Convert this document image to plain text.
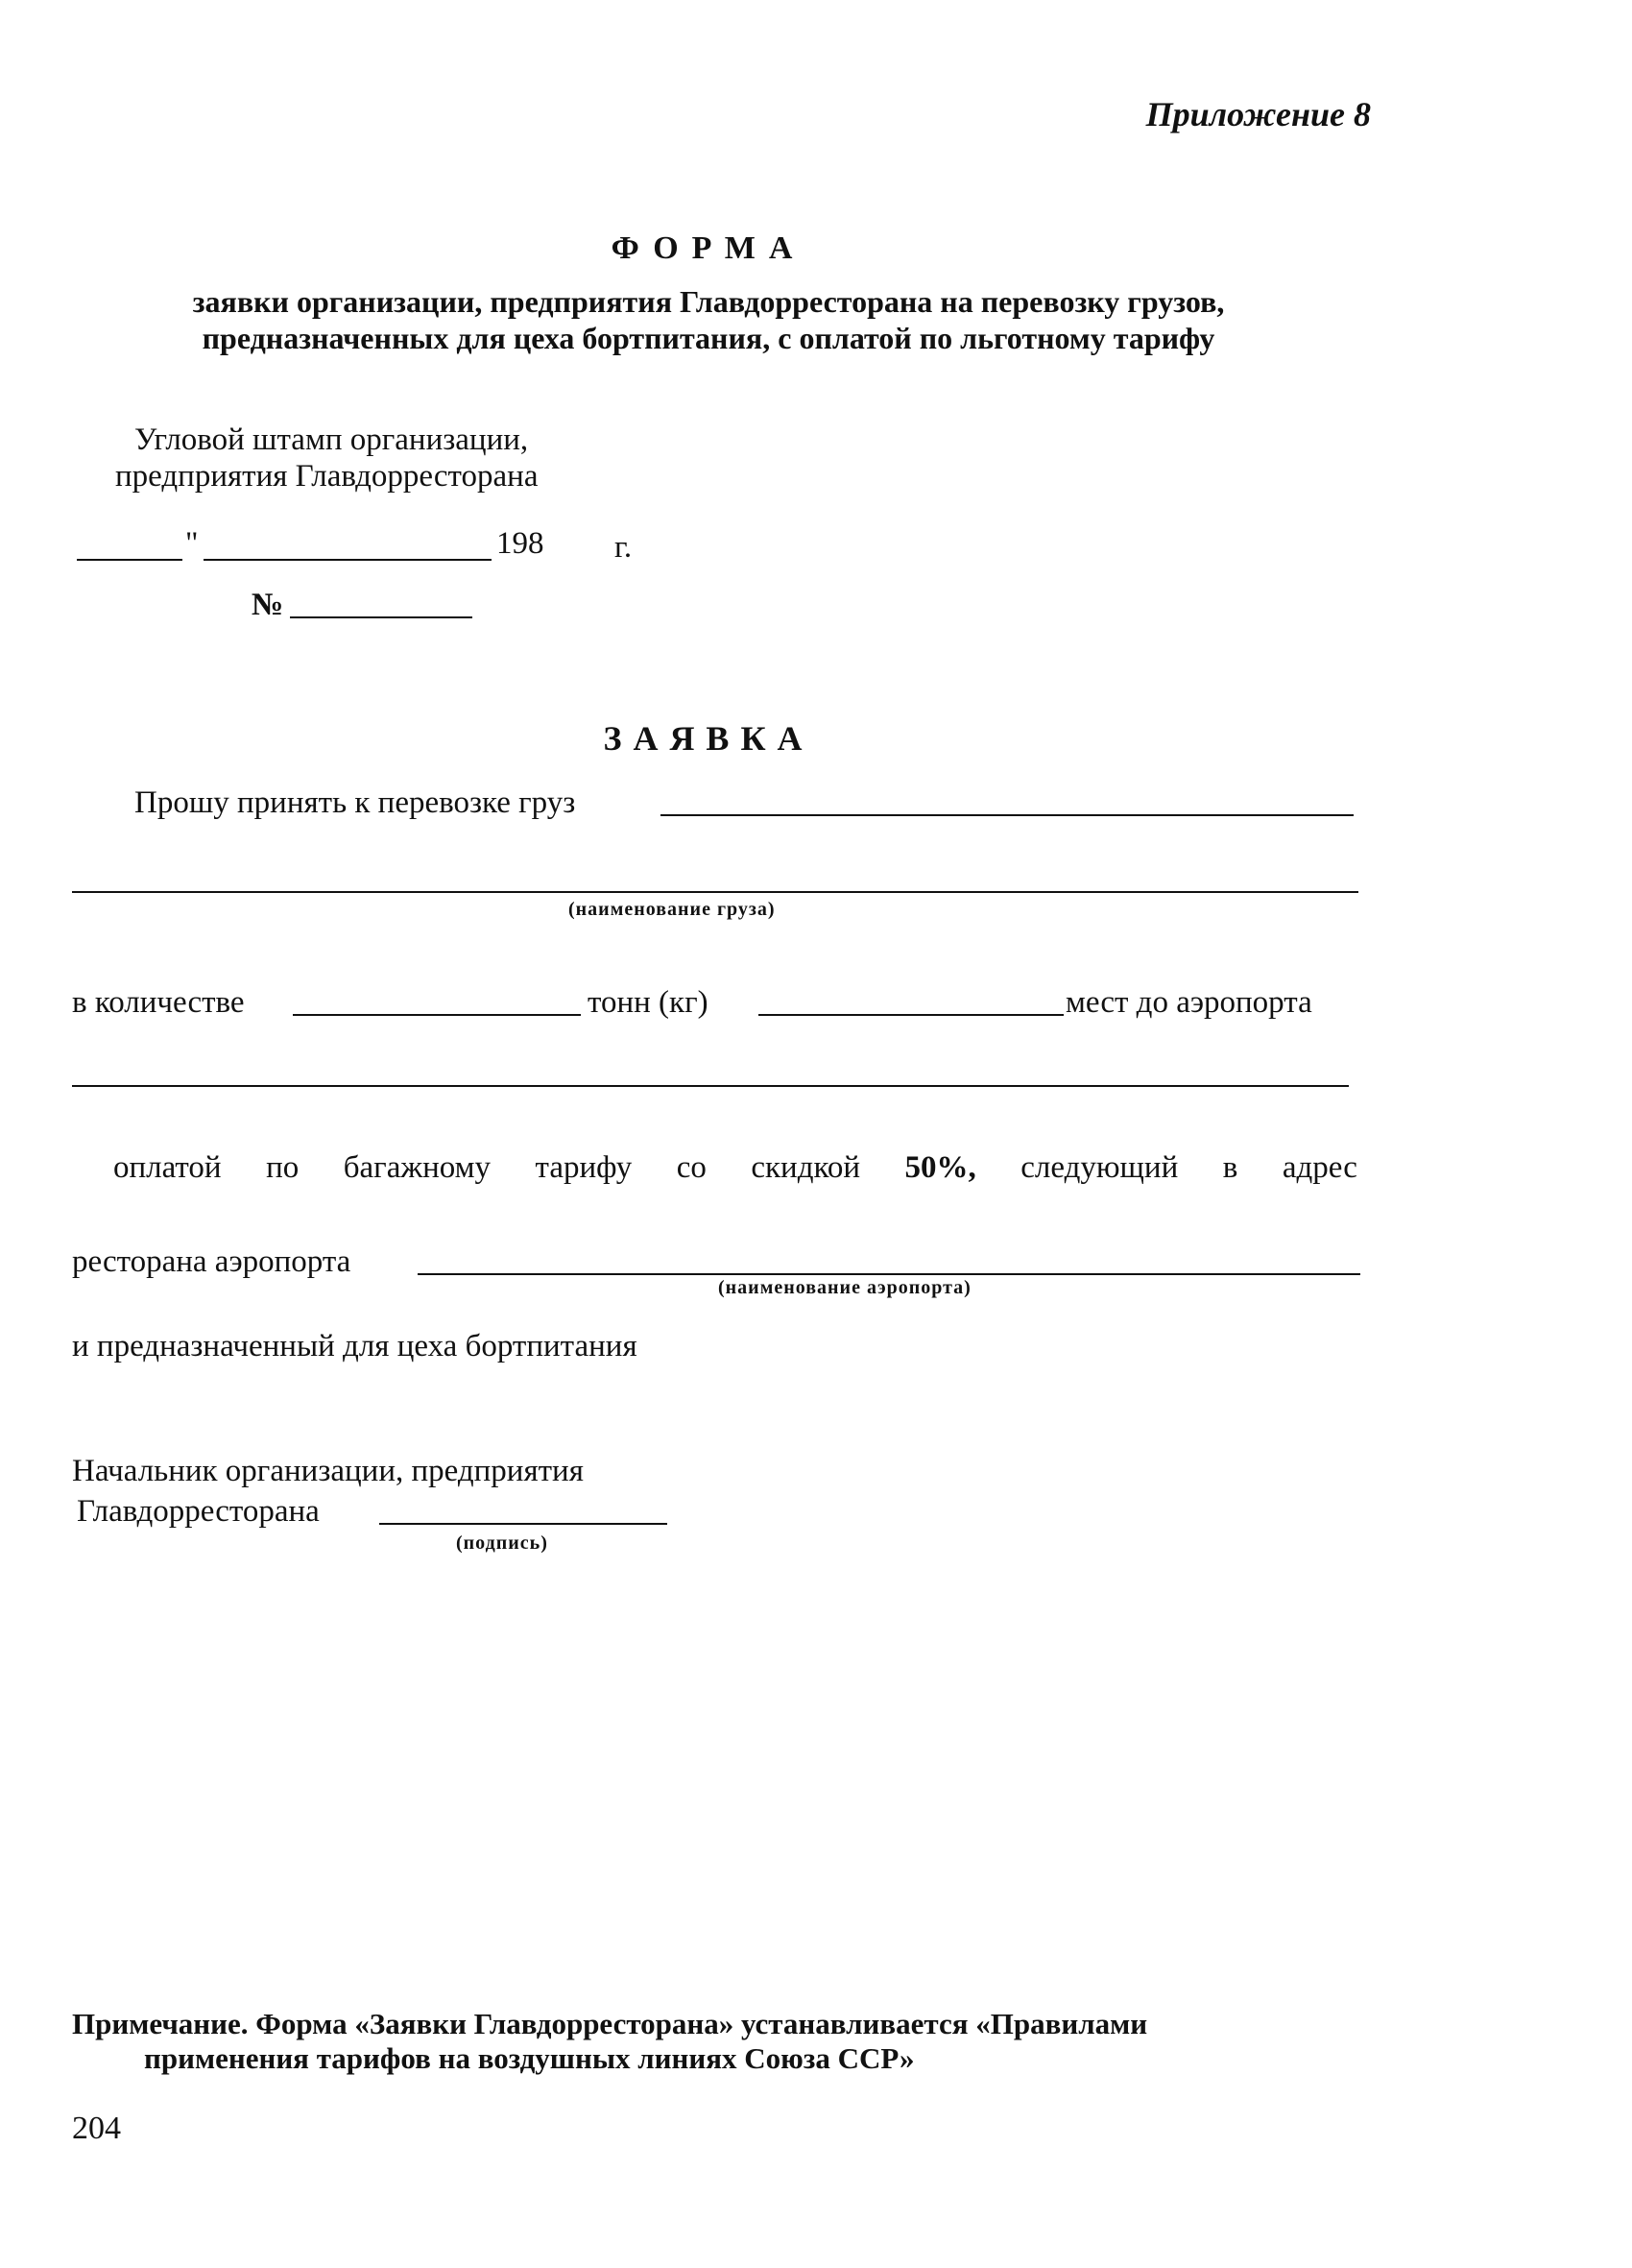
Приложение 8
ФОРМА
заявки организации, предприятия Главдорресторана на перевозку грузов,
предназначенных для цеха бортпитания, с оплатой по льготному тарифу
Угловой штамп организации,
предприятия Главдорресторана
"	198 г.
№
ЗАЯВКА
Прошу принять к перевозке груз
(наименование груза)
в количестве	тонн (кг)	мест до аэропорта
оплатой по багажному тарифу со скидкой 50%, следующий в адрес
ресторана аэропорта
(наименование аэропорта)
и предназначенный для цеха бортпитания
Начальник организации, предприятия
Главдорресторана
(подпись)
Примечание. Форма «Заявки Главдорресторана» устанавливается «Правилами
применения тарифов на воздушных линиях Союза ССР»
204
